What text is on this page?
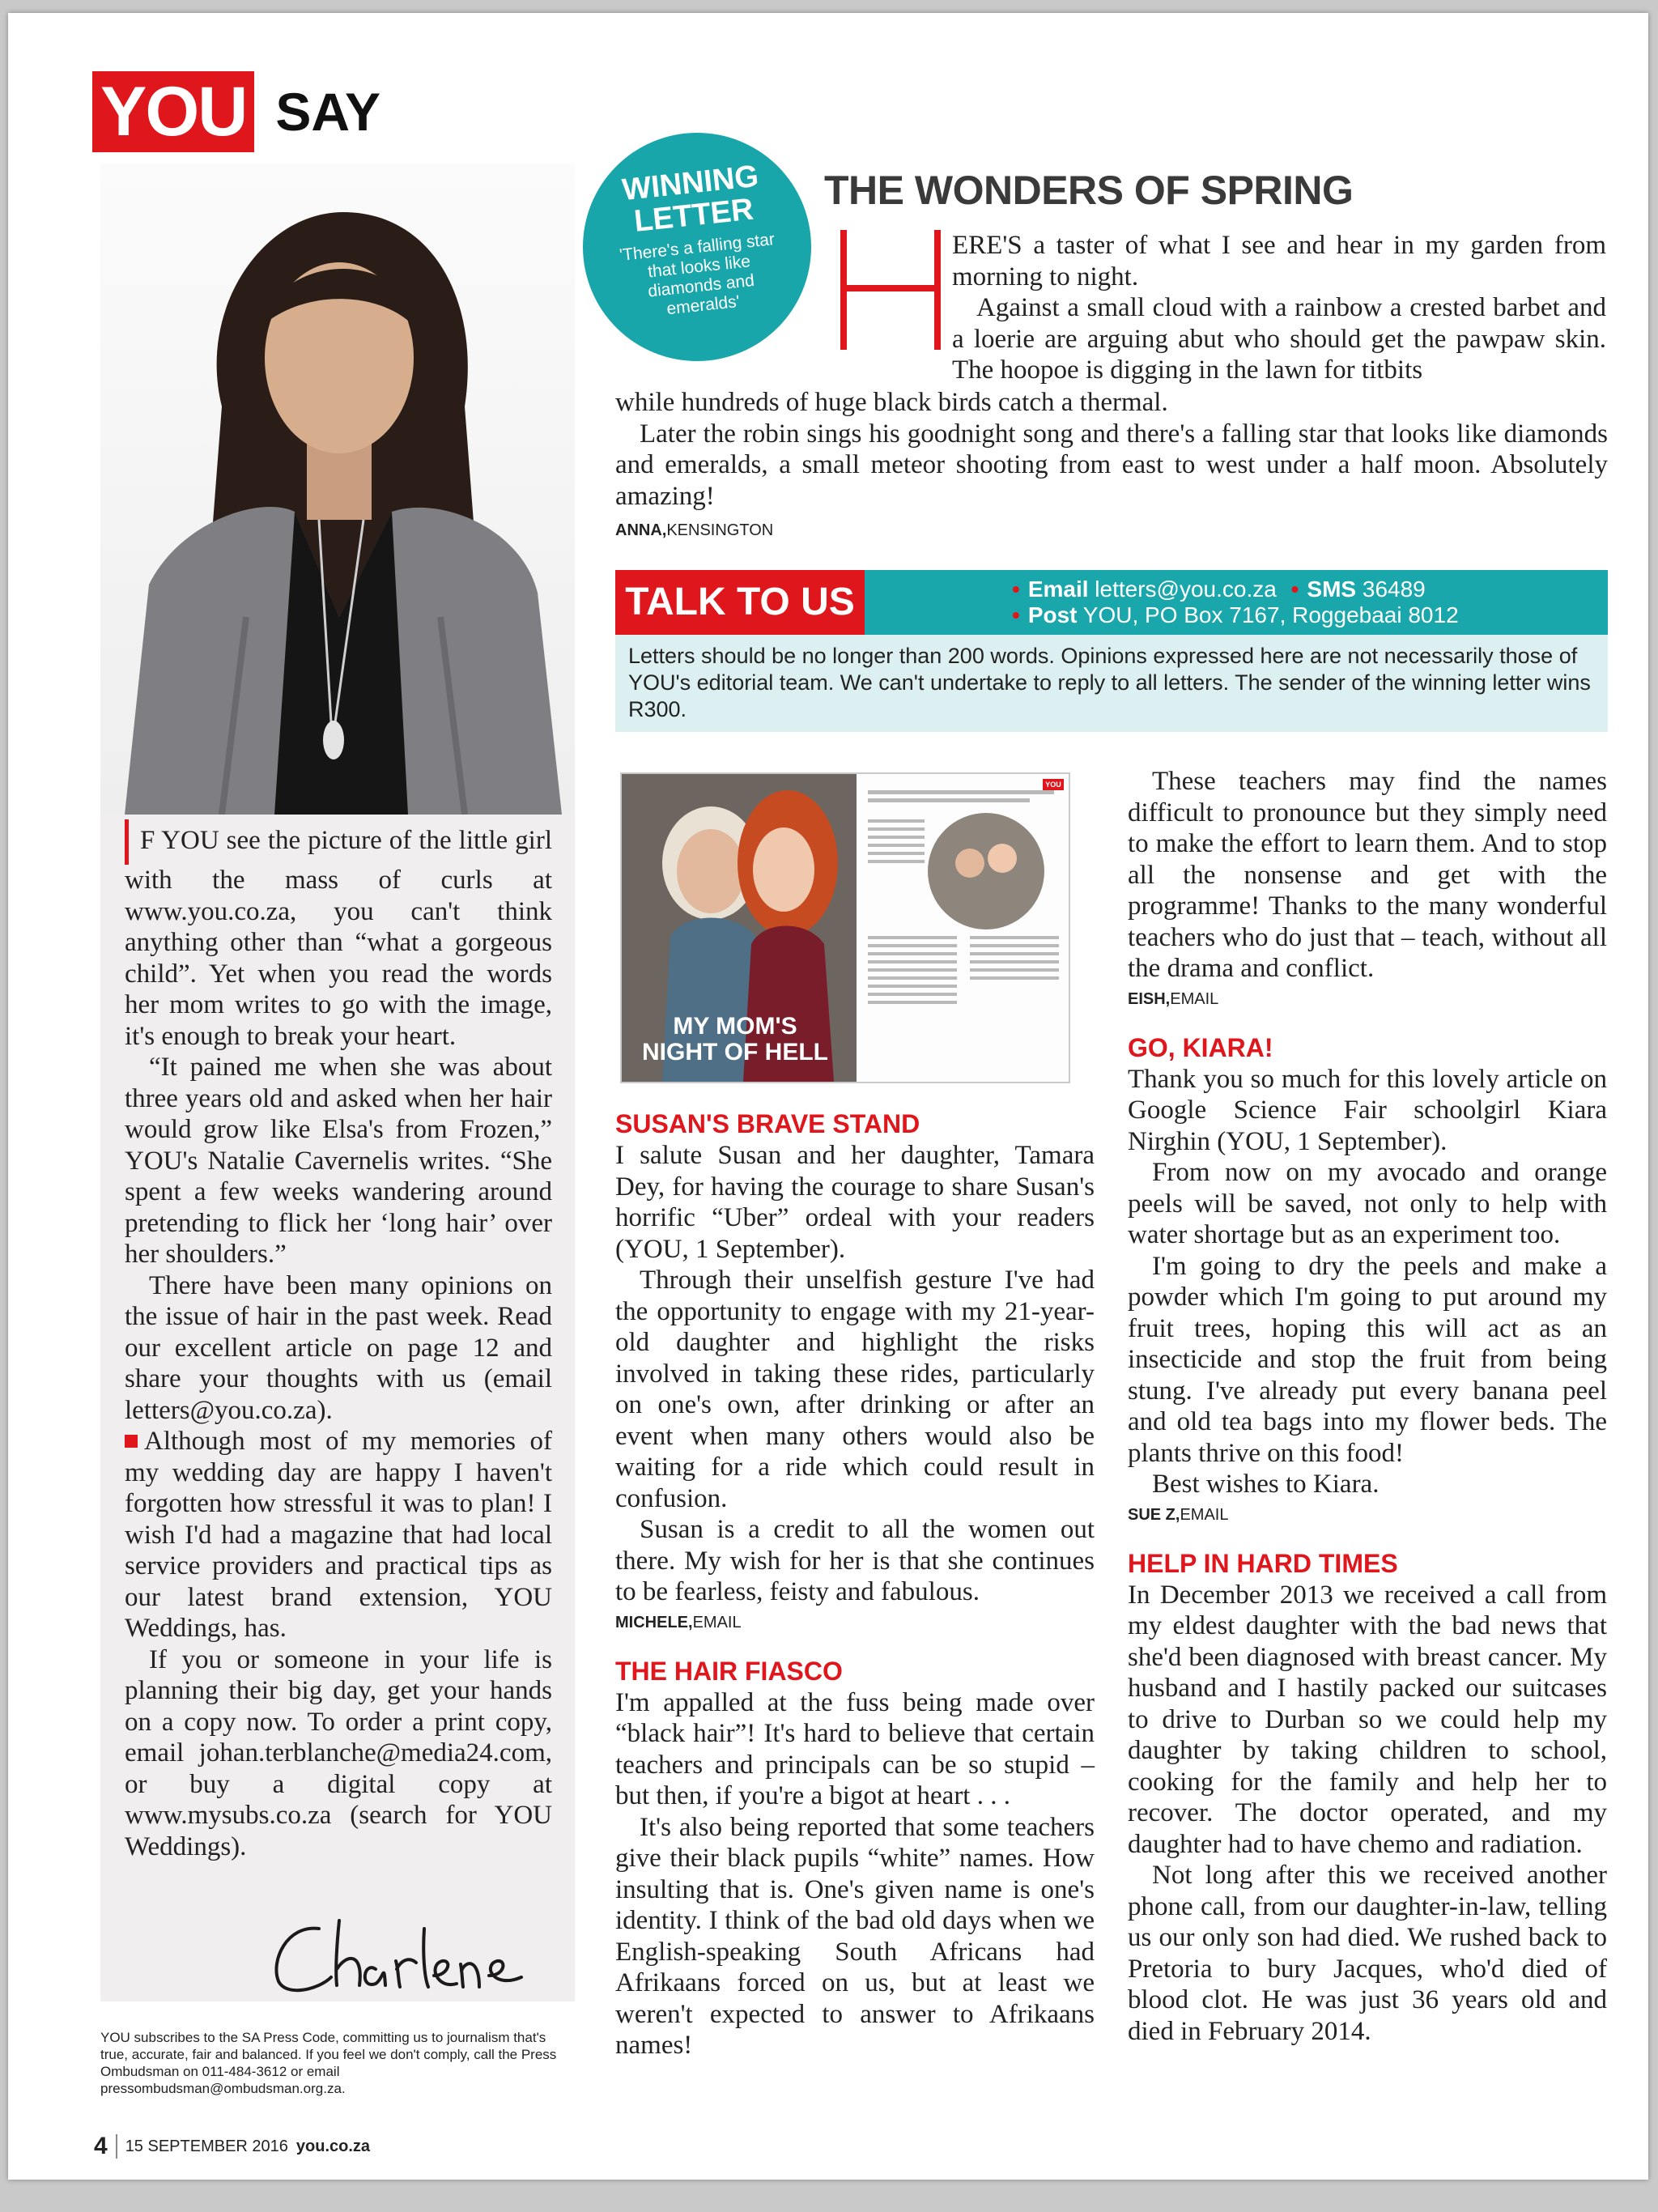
YOU SAY

F YOU see the picture of the little girl with the mass of curls at www.you.co.za, you can't think anything other than “what a gorgeous child”. Yet when you read the words her mom writes to go with the image, it's enough to break your heart.

“It pained me when she was about three years old and asked when her hair would grow like Elsa's from Frozen,” YOU's Natalie Cavernelis writes. “She spent a few weeks wandering around pretending to flick her ‘long hair’ over her shoulders.”

There have been many opinions on the issue of hair in the past week. Read our excellent article on page 12 and share your thoughts with us (email letters@you.co.za).

Although most of my memories of my wedding day are happy I haven't forgotten how stressful it was to plan! I wish I'd had a magazine that had local service providers and practical tips as our latest brand extension, YOU Weddings, has.

If you or someone in your life is planning their big day, get your hands on a copy now. To order a print copy, email johan.terblanche@media24.com, or buy a digital copy at www.mysubs.co.za (search for YOU Weddings).

YOU subscribes to the SA Press Code, committing us to journalism that's true, accurate, fair and balanced. If you feel we don't comply, call the Press Ombudsman on 011-484-3612 or email pressombudsman@ombudsman.org.za.
4 15 SEPTEMBER 2016 you.co.za
WINNING LETTER
'There's a falling star that looks like diamonds and emeralds'
THE WONDERS OF SPRING

ERE'S a taster of what I see and hear in my garden from morning to night.

Against a small cloud with a rainbow a crested barbet and a loerie are arguing abut who should get the pawpaw skin. The hoopoe is digging in the lawn for titbits

while hundreds of huge black birds catch a thermal.

Later the robin sings his goodnight song and there's a falling star that looks like diamonds and emeralds, a small meteor shooting from east to west under a half moon. Absolutely amazing!

ANNA,KENSINGTON
TALK TO US	• Email letters@you.co.za • SMS 36489
• Post YOU, PO Box 7167, Roggebaai 8012

Letters should be no longer than 200 words. Opinions expressed here are not necessarily those of YOU's editorial team. We can't undertake to reply to all letters. The sender of the winning letter wins R300.

MY MOM'S NIGHT OF HELL
YOU
SUSAN'S BRAVE STAND

I salute Susan and her daughter, Tamara Dey, for having the courage to share Susan's horrific “Uber” ordeal with your readers (YOU, 1 September).

Through their unselfish gesture I've had the opportunity to engage with my 21-year-old daughter and highlight the risks involved in taking these rides, particularly on one's own, after drinking or after an event when many others would also be waiting for a ride which could result in confusion.

Susan is a credit to all the women out there. My wish for her is that she continues to be fearless, feisty and fabulous.

MICHELE,EMAIL
THE HAIR FIASCO

I'm appalled at the fuss being made over “black hair”! It's hard to believe that certain teachers and principals can be so stupid – but then, if you're a bigot at heart . . .

It's also being reported that some teachers give their black pupils “white” names. How insulting that is. One's given name is one's identity. I think of the bad old days when we English-speaking South Africans had Afrikaans forced on us, but at least we weren't expected to answer to Afrikaans names!

These teachers may find the names difficult to pronounce but they simply need to make the effort to learn them. And to stop all the nonsense and get with the programme! Thanks to the many wonderful teachers who do just that – teach, without all the drama and conflict.

EISH,EMAIL
GO, KIARA!

Thank you so much for this lovely article on Google Science Fair schoolgirl Kiara Nirghin (YOU, 1 September).

From now on my avocado and orange peels will be saved, not only to help with water shortage but as an experiment too.

I'm going to dry the peels and make a powder which I'm going to put around my fruit trees, hoping this will act as an insecticide and stop the fruit from being stung. I've already put every banana peel and old tea bags into my flower beds. The plants thrive on this food!

Best wishes to Kiara.

SUE Z,EMAIL
HELP IN HARD TIMES

In December 2013 we received a call from my eldest daughter with the bad news that she'd been diagnosed with breast cancer. My husband and I hastily packed our suitcases to drive to Durban so we could help my daughter by taking children to school, cooking for the family and help her to recover. The doctor operated, and my daughter had to have chemo and radiation.

Not long after this we received another phone call, from our daughter-in-law, telling us our only son had died. We rushed back to Pretoria to bury Jacques, who'd died of blood clot. He was just 36 years old and died in February 2014.
